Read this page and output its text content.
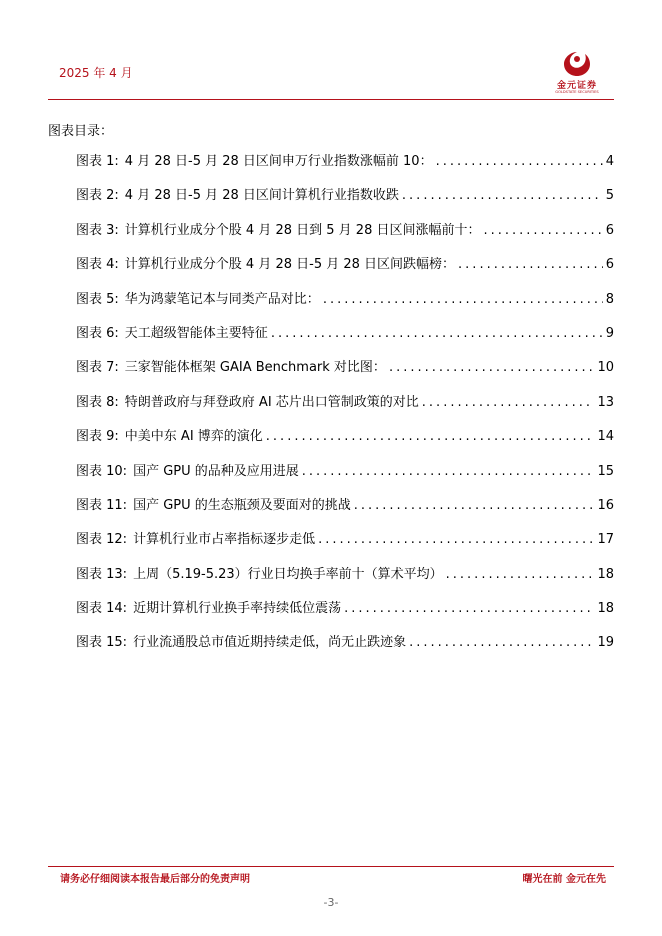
2025 年 4 月
金元证券
GOLDSTATE SECURITIES
图表目录：
图表 1: 4 月 28 日-5 月 28 日区间申万行业指数涨幅前 10： .....	4
图表 2: 4 月 28 日-5 月 28 日区间计算机行业指数收跌 .....	5
图表 3: 计算机行业成分个股 4 月 28 日到 5 月 28 日区间涨幅前十： .....	6
图表 4: 计算机行业成分个股 4 月 28 日-5 月 28 日区间跌幅榜： .....	6
图表 5: 华为鸿蒙笔记本与同类产品对比： .....	8
图表 6: 天工超级智能体主要特征 .....	9
图表 7: 三家智能体框架 GAIA Benchmark 对比图： .....	10
图表 8: 特朗普政府与拜登政府 AI 芯片出口管制政策的对比 .....	13
图表 9: 中美中东 AI 博弈的演化 .....	14
图表 10: 国产 GPU 的品种及应用进展 .....	15
图表 11: 国产 GPU 的生态瓶颈及要面对的挑战 .....	16
图表 12: 计算机行业市占率指标逐步走低 .....	17
图表 13: 上周（5.19-5.23）行业日均换手率前十（算术平均） .....	18
图表 14: 近期计算机行业换手率持续低位震荡 .....	18
图表 15: 行业流通股总市值近期持续走低，尚无止跌迹象 .....	19
请务必仔细阅读本报告最后部分的免责声明	曙光在前 金元在先
-3-
